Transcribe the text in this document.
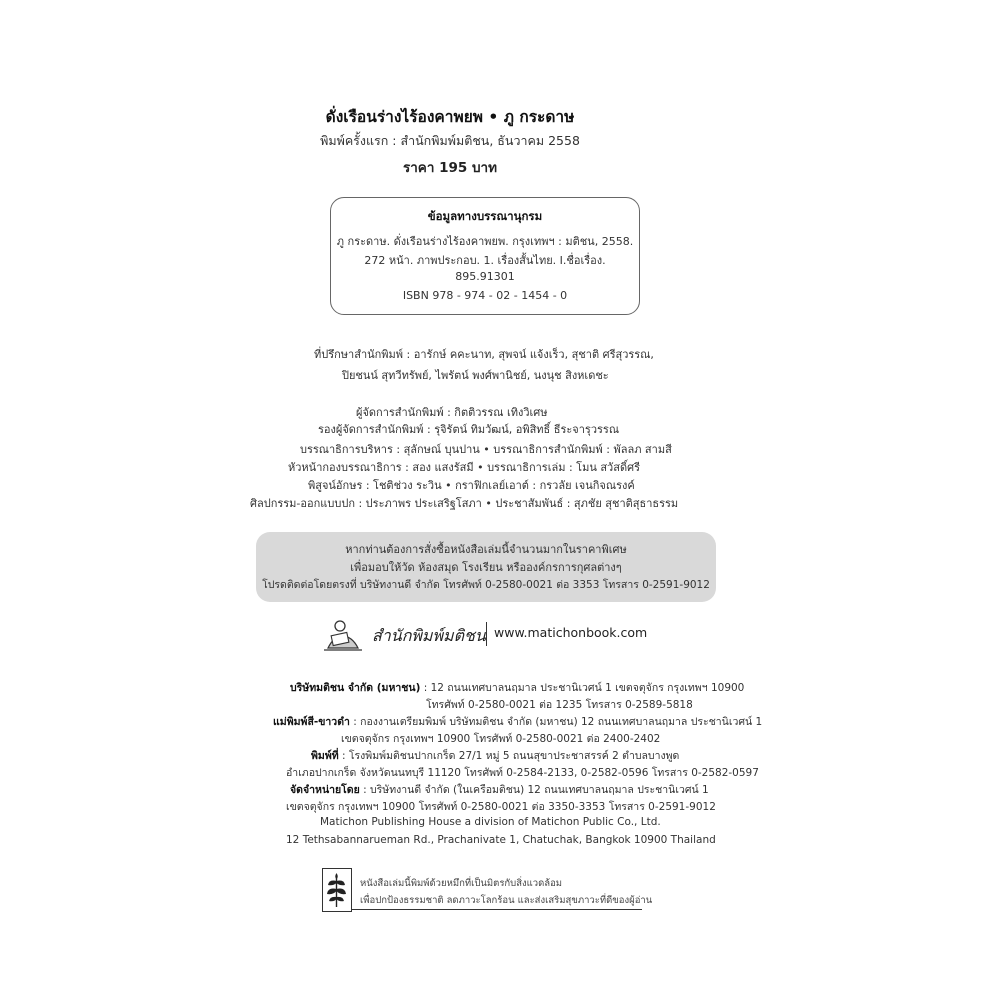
ดั่งเรือนร่างไร้องคาพยพ • ภู กระดาษ
พิมพ์ครั้งแรก : สำนักพิมพ์มติชน, ธันวาคม 2558
ราคา 195 บาท
ข้อมูลทางบรรณานุกรม
ภู กระดาษ. ดั่งเรือนร่างไร้องคาพยพ. กรุงเทพฯ : มติชน, 2558.
272 หน้า. ภาพประกอบ. 1. เรื่องสั้นไทย. I.ชื่อเรื่อง.
895.91301
ISBN 978 - 974 - 02 - 1454 - 0
ที่ปรึกษาสำนักพิมพ์ : อารักษ์ คคะนาท, สุพจน์ แจ้งเร็ว, สุชาติ ศรีสุวรรณ,
ปิยชนน์ สุทวีทรัพย์, ไพรัตน์ พงศ์พานิชย์, นงนุช สิงหเดชะ
ผู้จัดการสำนักพิมพ์ : กิตติวรรณ เทิงวิเศษ
รองผู้จัดการสำนักพิมพ์ : รุจิรัตน์ ทิมวัฒน์, อพิสิทธิ์ ธีระจารุวรรณ
บรรณาธิการบริหาร : สุลักษณ์ บุนปาน • บรรณาธิการสำนักพิมพ์ : พัลลภ สามสี
หัวหน้ากองบรรณาธิการ : สอง แสงรัสมี • บรรณาธิการเล่ม : โมน สวัสดิ์ศรี
พิสูจน์อักษร : โชติช่วง ระวิน • กราฟิกเลย์เอาต์ : กรวลัย เจนกิจณรงค์
ศิลปกรรม-ออกแบบปก : ประภาพร ประเสริฐโสภา • ประชาสัมพันธ์ : สุภชัย สุชาติสุธาธรรม
หากท่านต้องการสั่งซื้อหนังสือเล่มนี้จำนวนมากในราคาพิเศษ
เพื่อมอบให้วัด ห้องสมุด โรงเรียน หรือองค์กรการกุศลต่างๆ
โปรดติดต่อโดยตรงที่ บริษัทงานดี จำกัด โทรศัพท์ 0-2580-0021 ต่อ 3353 โทรสาร 0-2591-9012
สำนักพิมพ์มติชน www.matichonbook.com
บริษัทมติชน จำกัด (มหาชน) : 12 ถนนเทศบาลนฤมาล ประชานิเวศน์ 1 เขตจตุจักร กรุงเทพฯ 10900
โทรศัพท์ 0-2580-0021 ต่อ 1235 โทรสาร 0-2589-5818
แม่พิมพ์สี-ขาวดำ : กองงานเตรียมพิมพ์ บริษัทมติชน จำกัด (มหาชน) 12 ถนนเทศบาลนฤมาล ประชานิเวศน์ 1
เขตจตุจักร กรุงเทพฯ 10900 โทรศัพท์ 0-2580-0021 ต่อ 2400-2402
พิมพ์ที่ : โรงพิมพ์มติชนปากเกร็ด 27/1 หมู่ 5 ถนนสุขาประชาสรรค์ 2 ตำบลบางพูด
อำเภอปากเกร็ด จังหวัดนนทบุรี 11120 โทรศัพท์ 0-2584-2133, 0-2582-0596 โทรสาร 0-2582-0597
จัดจำหน่ายโดย : บริษัทงานดี จำกัด (ในเครือมติชน) 12 ถนนเทศบาลนฤมาล ประชานิเวศน์ 1
เขตจตุจักร กรุงเทพฯ 10900 โทรศัพท์ 0-2580-0021 ต่อ 3350-3353 โทรสาร 0-2591-9012
Matichon Publishing House a division of Matichon Public Co., Ltd.
12 Tethsabannarueman Rd., Prachanivate 1, Chatuchak, Bangkok 10900 Thailand
หนังสือเล่มนี้พิมพ์ด้วยหมึกที่เป็นมิตรกับสิ่งแวดล้อม
เพื่อปกป้องธรรมชาติ ลดภาวะโลกร้อน และส่งเสริมสุขภาวะที่ดีของผู้อ่าน
